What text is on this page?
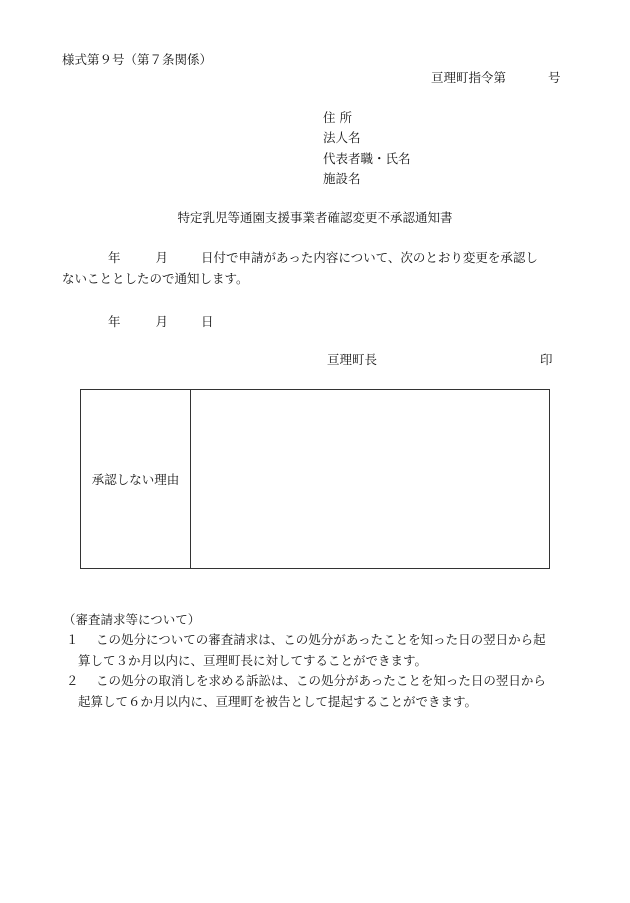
様式第９号（第７条関係）
亘理町指令第	号
住 所
法人名
代表者職・氏名
施設名
特定乳児等通園支援事業者確認変更不承認通知書
年	月	日付で申請があった内容について、次のとおり変更を承認し
ないこととしたので通知します。
年	月	日
亘理町長	印
承認しない理由
（審査請求等について）
１ この処分についての審査請求は、この処分があったことを知った日の翌日から起
算して３か月以内に、亘理町長に対してすることができます。
２ この処分の取消しを求める訴訟は、この処分があったことを知った日の翌日から
起算して６か月以内に、亘理町を被告として提起することができます。
